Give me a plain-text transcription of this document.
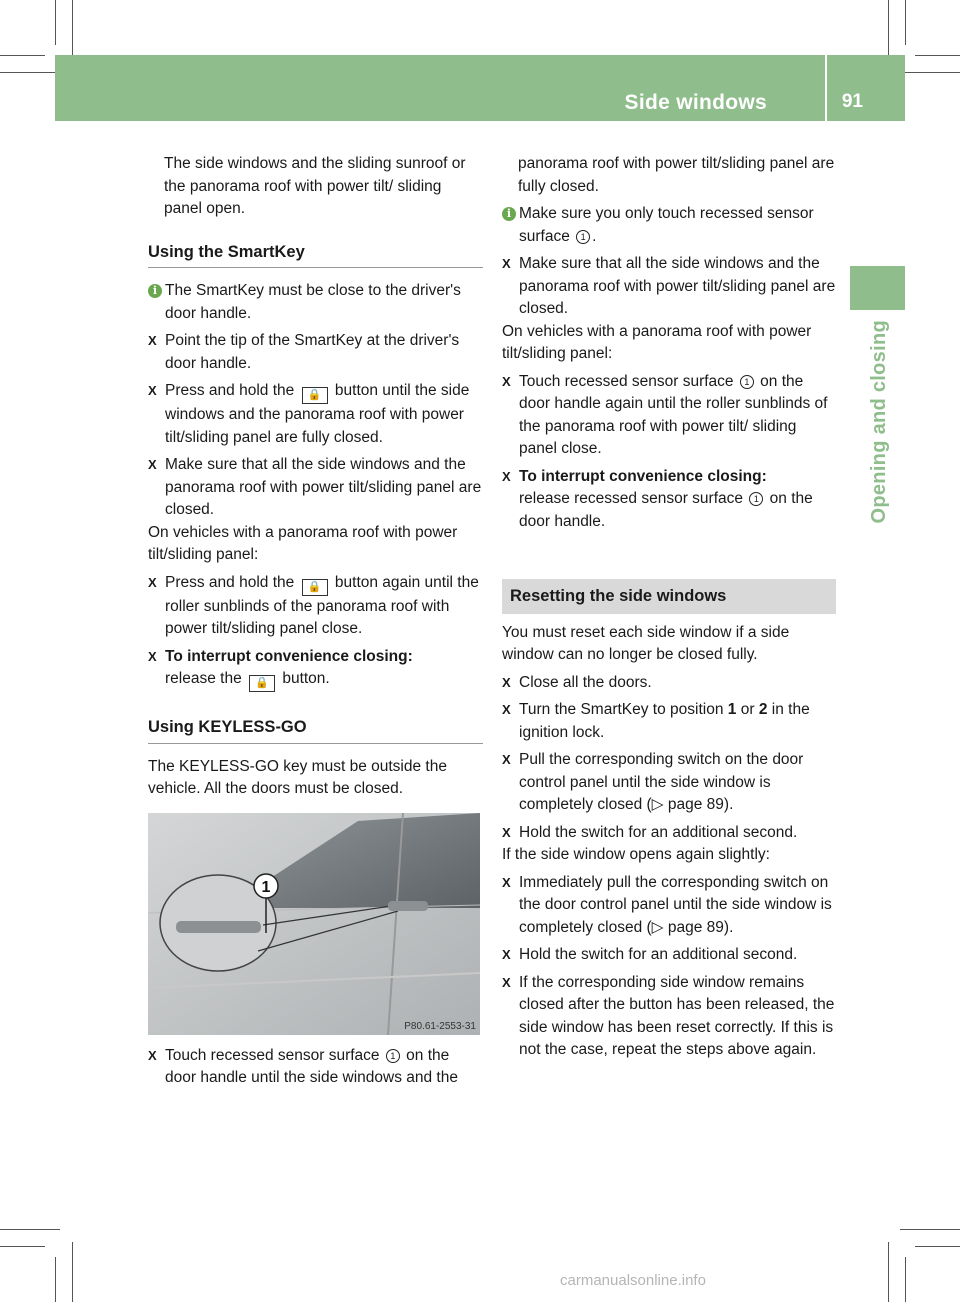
Side windows	91
Opening and closing

The side windows and the sliding sunroof or the panorama roof with power tilt/ sliding panel open.

Using the SmartKey
i The SmartKey must be close to the driver's door handle.
X Point the tip of the SmartKey at the driver's door handle.
X Press and hold the 🔒 button until the side windows and the panorama roof with power tilt/sliding panel are fully closed.
X Make sure that all the side windows and the panorama roof with power tilt/sliding panel are closed.

On vehicles with a panorama roof with power tilt/sliding panel:

X Press and hold the 🔒 button again until the roller sunblinds of the panorama roof with power tilt/sliding panel close.
X To interrupt convenience closing:
release the 🔒 button.
Using KEYLESS-GO

The KEYLESS-GO key must be outside the vehicle. All the doors must be closed.

1
P80.61-2553-31
X Touch recessed sensor surface 1 on the door handle until the side windows and the

panorama roof with power tilt/sliding panel are fully closed.

i Make sure you only touch recessed sensor surface 1 .
X Make sure that all the side windows and the panorama roof with power tilt/sliding panel are closed.

On vehicles with a panorama roof with power tilt/sliding panel:

X Touch recessed sensor surface 1 on the door handle again until the roller sunblinds of the panorama roof with power tilt/ sliding panel close.
X To interrupt convenience closing:
release recessed sensor surface 1 on the door handle.
Resetting the side windows

You must reset each side window if a side window can no longer be closed fully.

X Close all the doors.
X Turn the SmartKey to position 1 or 2 in the ignition lock.
X Pull the corresponding switch on the door control panel until the side window is completely closed (▷ page 89).
X Hold the switch for an additional second.

If the side window opens again slightly:

X Immediately pull the corresponding switch on the door control panel until the side window is completely closed (▷ page 89).
X Hold the switch for an additional second.
X If the corresponding side window remains closed after the button has been released, the side window has been reset correctly. If this is not the case, repeat the steps above again.
carmanualsonline.info
